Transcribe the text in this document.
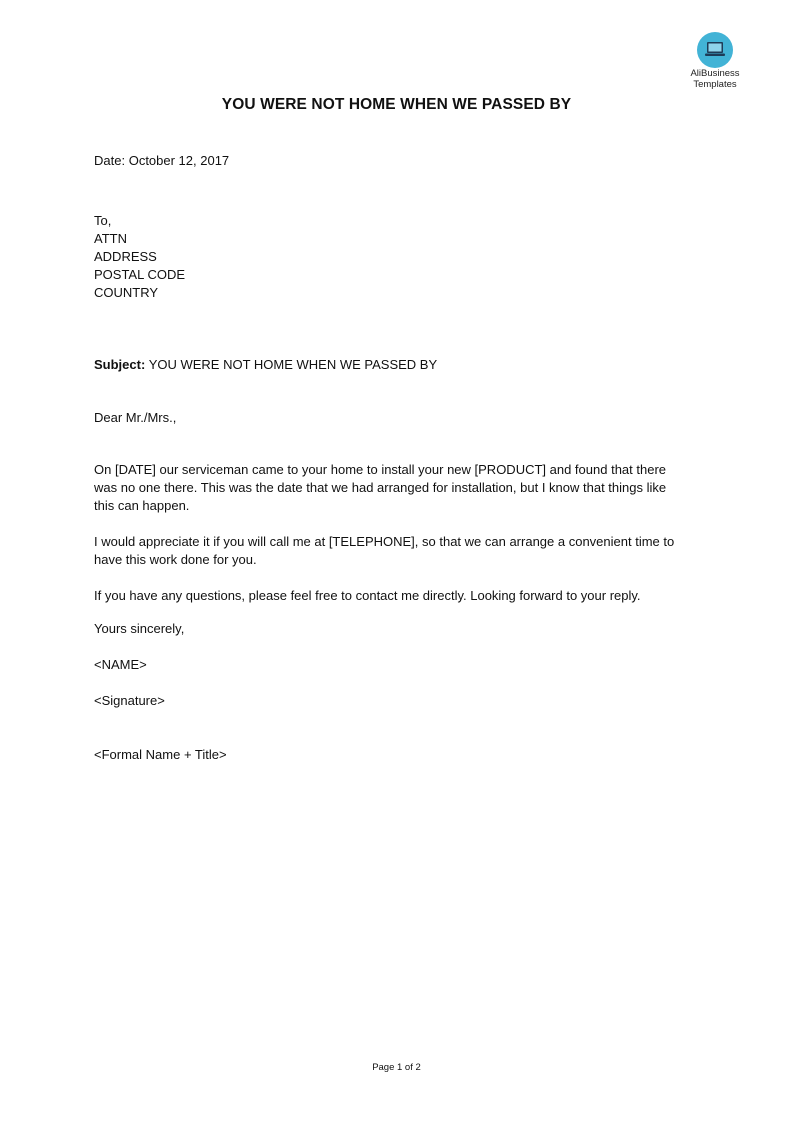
AliBusiness
Templates
YOU WERE NOT HOME WHEN WE PASSED BY
Date: October 12, 2017
To,
ATTN
ADDRESS
POSTAL CODE
COUNTRY
Subject: YOU WERE NOT HOME WHEN WE PASSED BY
Dear Mr./Mrs.,
On [DATE] our serviceman came to your home to install your new [PRODUCT] and found that there
was no one there. This was the date that we had arranged for installation, but I know that things like
this can happen.
I would appreciate it if you will call me at [TELEPHONE], so that we can arrange a convenient time to
have this work done for you.
If you have any questions, please feel free to contact me directly. Looking forward to your reply.
Yours sincerely,
<NAME>
<Signature>
<Formal Name + Title>
Page 1 of 2
